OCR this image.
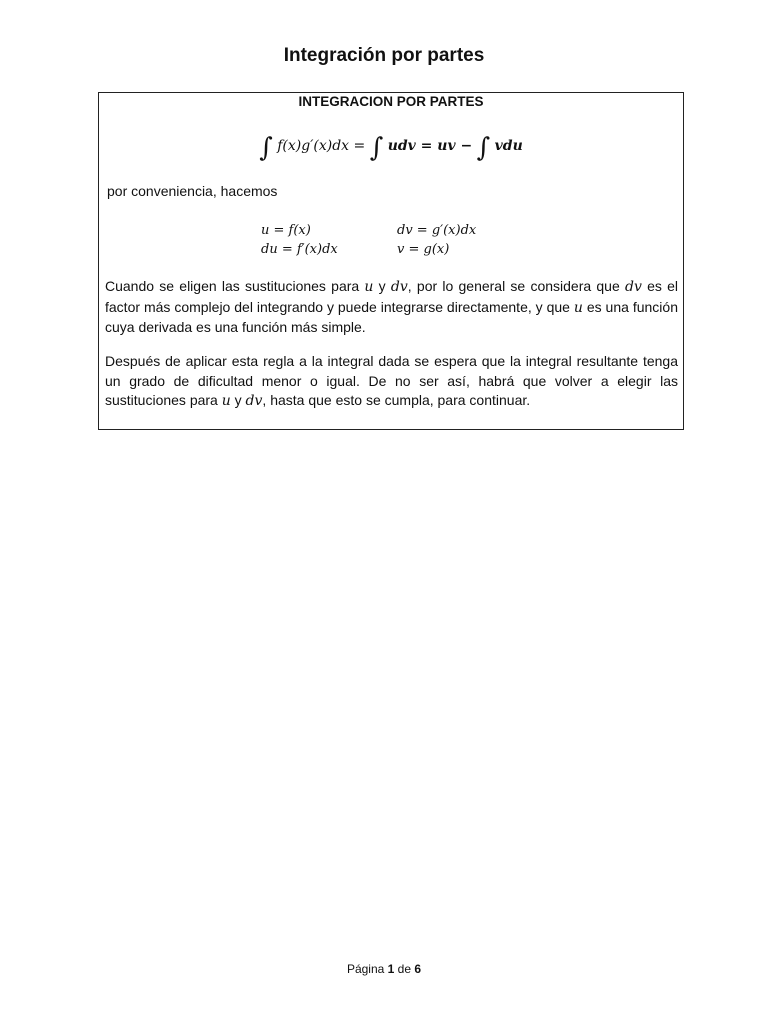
Integración por partes
INTEGRACION POR PARTES
∫ f(x)g′(x)dx = ∫ udv = uv − ∫ vdu
por conveniencia, hacemos
u = f(x)	dv = g′(x)dx
du = f′(x)dx	v = g(x)
Cuando se eligen las sustituciones para u y dv, por lo general se considera que dv es el factor más complejo del integrando y puede integrarse directamente, y que u es una función cuya derivada es una función más simple.
Después de aplicar esta regla a la integral dada se espera que la integral resultante tenga un grado de dificultad menor o igual. De no ser así, habrá que volver a elegir las sustituciones para u y dv, hasta que esto se cumpla, para continuar.
Página 1 de 6
